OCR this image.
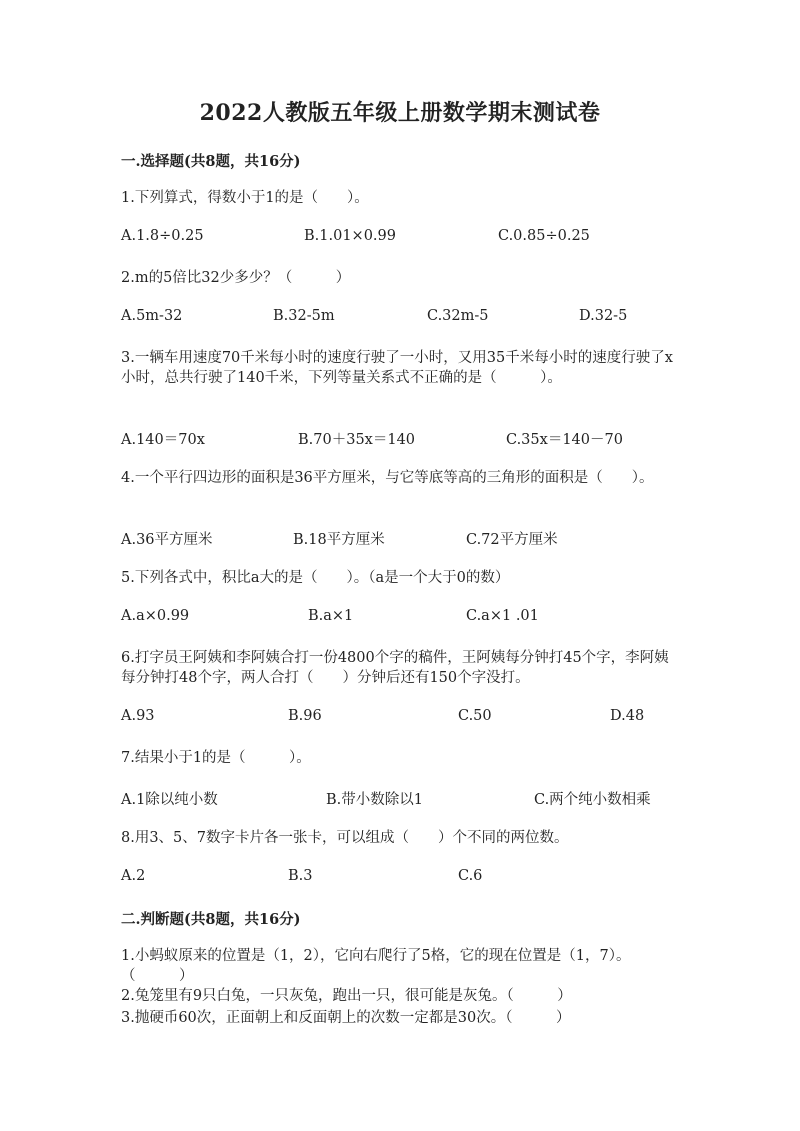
2022人教版五年级上册数学期末测试卷
一.选择题(共8题，共16分)
1.下列算式，得数小于1的是（　　）。
A.1.8÷0.25	B.1.01×0.99	C.0.85÷0.25
2.m的5倍比32少多少？（　　　）
A.5m-32	B.32-5m	C.32m-5	D.32-5
3.一辆车用速度70千米每小时的速度行驶了一小时，又用35千米每小时的速度行驶了x小时，总共行驶了140千米，下列等量关系式不正确的是（　　　）。
A.140＝70x	B.70＋35x＝140	C.35x＝140－70
4.一个平行四边形的面积是36平方厘米，与它等底等高的三角形的面积是（　　）。
A.36平方厘米	B.18平方厘米	C.72平方厘米
5.下列各式中，积比a大的是（　　）。（a是一个大于0的数）
A.a×0.99	B.a×1	C.a×1 .01
6.打字员王阿姨和李阿姨合打一份4800个字的稿件，王阿姨每分钟打45个字，李阿姨每分钟打48个字，两人合打（　　）分钟后还有150个字没打。
A.93	B.96	C.50	D.48
7.结果小于1的是（　　　）。
A.1除以纯小数	B.带小数除以1	C.两个纯小数相乘
8.用3、5、7数字卡片各一张卡，可以组成（　　）个不同的两位数。
A.2	B.3	C.6
二.判断题(共8题，共16分)
1.小蚂蚁原来的位置是（1，2），它向右爬行了5格，它的现在位置是（1，7）。（　　　）
2.兔笼里有9只白兔，一只灰兔，跑出一只，很可能是灰兔。（　　　）
3.抛硬币60次，正面朝上和反面朝上的次数一定都是30次。（　　　）
